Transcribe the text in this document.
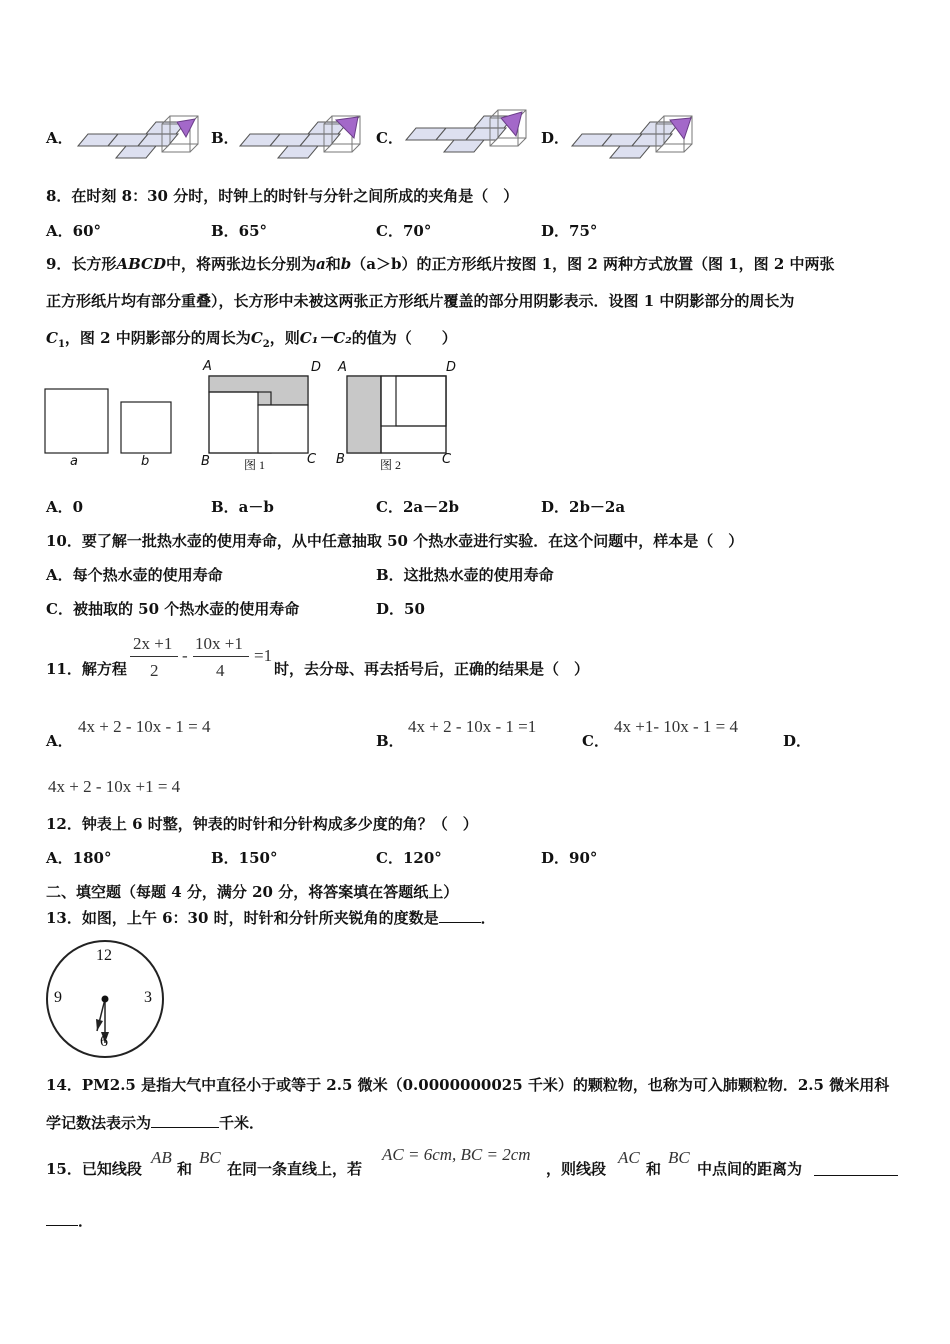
A．	B．	C．	D．
8．在时刻 8：30 分时，时钟上的时针与分针之间所成的夹角是（　）
A．60°	B．65°	C．70°	D．75°
9．长方形ABCD中，将两张边长分别为a和b（a＞b）的正方形纸片按图 1，图 2 两种方式放置（图 1，图 2 中两张
正方形纸片均有部分重叠），长方形中未被这两张正方形纸片覆盖的部分用阴影表示．设图 1 中阴影部分的周长为
$C_1$，图 2 中阴影部分的周长为$C_2$，则C₁－C₂的值为（　　）
a	b
A	D
B	C
图 1
A	D
B	C
图 2
A．0	B．a－b	C．2a－2b	D．2b－2a
10．要了解一批热水壶的使用寿命，从中任意抽取 50 个热水壶进行实验．在这个问题中，样本是（　）
A．每个热水壶的使用寿命	B．这批热水壶的使用寿命
C．被抽取的 50 个热水壶的使用寿命	D．50
11．解方程
2x +1
2
-
10x +1
4
=1
时，去分母、再去括号后，正确的结果是（　）
A．
4x + 2 - 10x - 1 = 4
B．
4x + 2 - 10x - 1 =1
C．
4x +1- 10x - 1 = 4
D．
4x + 2 - 10x +1 = 4
12．钟表上 6 时整，钟表的时针和分针构成多少度的角？（　）
A．180°	B．150°	C．120°	D．90°
二、填空题（每题 4 分，满分 20 分，将答案填在答题纸上）
13．如图，上午 6：30 时，时针和分针所夹锐角的度数是	．
12
3
6
9
14．PM2.5 是指大气中直径小于或等于 2.5 微米（0.0000000025 千米）的颗粒物，也称为可入肺颗粒物．2.5 微米用科
学记数法表示为	千米．
15．已知线段
AB
和
BC
在同一条直线上，若
AC = 6cm, BC = 2cm
，则线段
AC
和
BC
中点间的距离为
．
